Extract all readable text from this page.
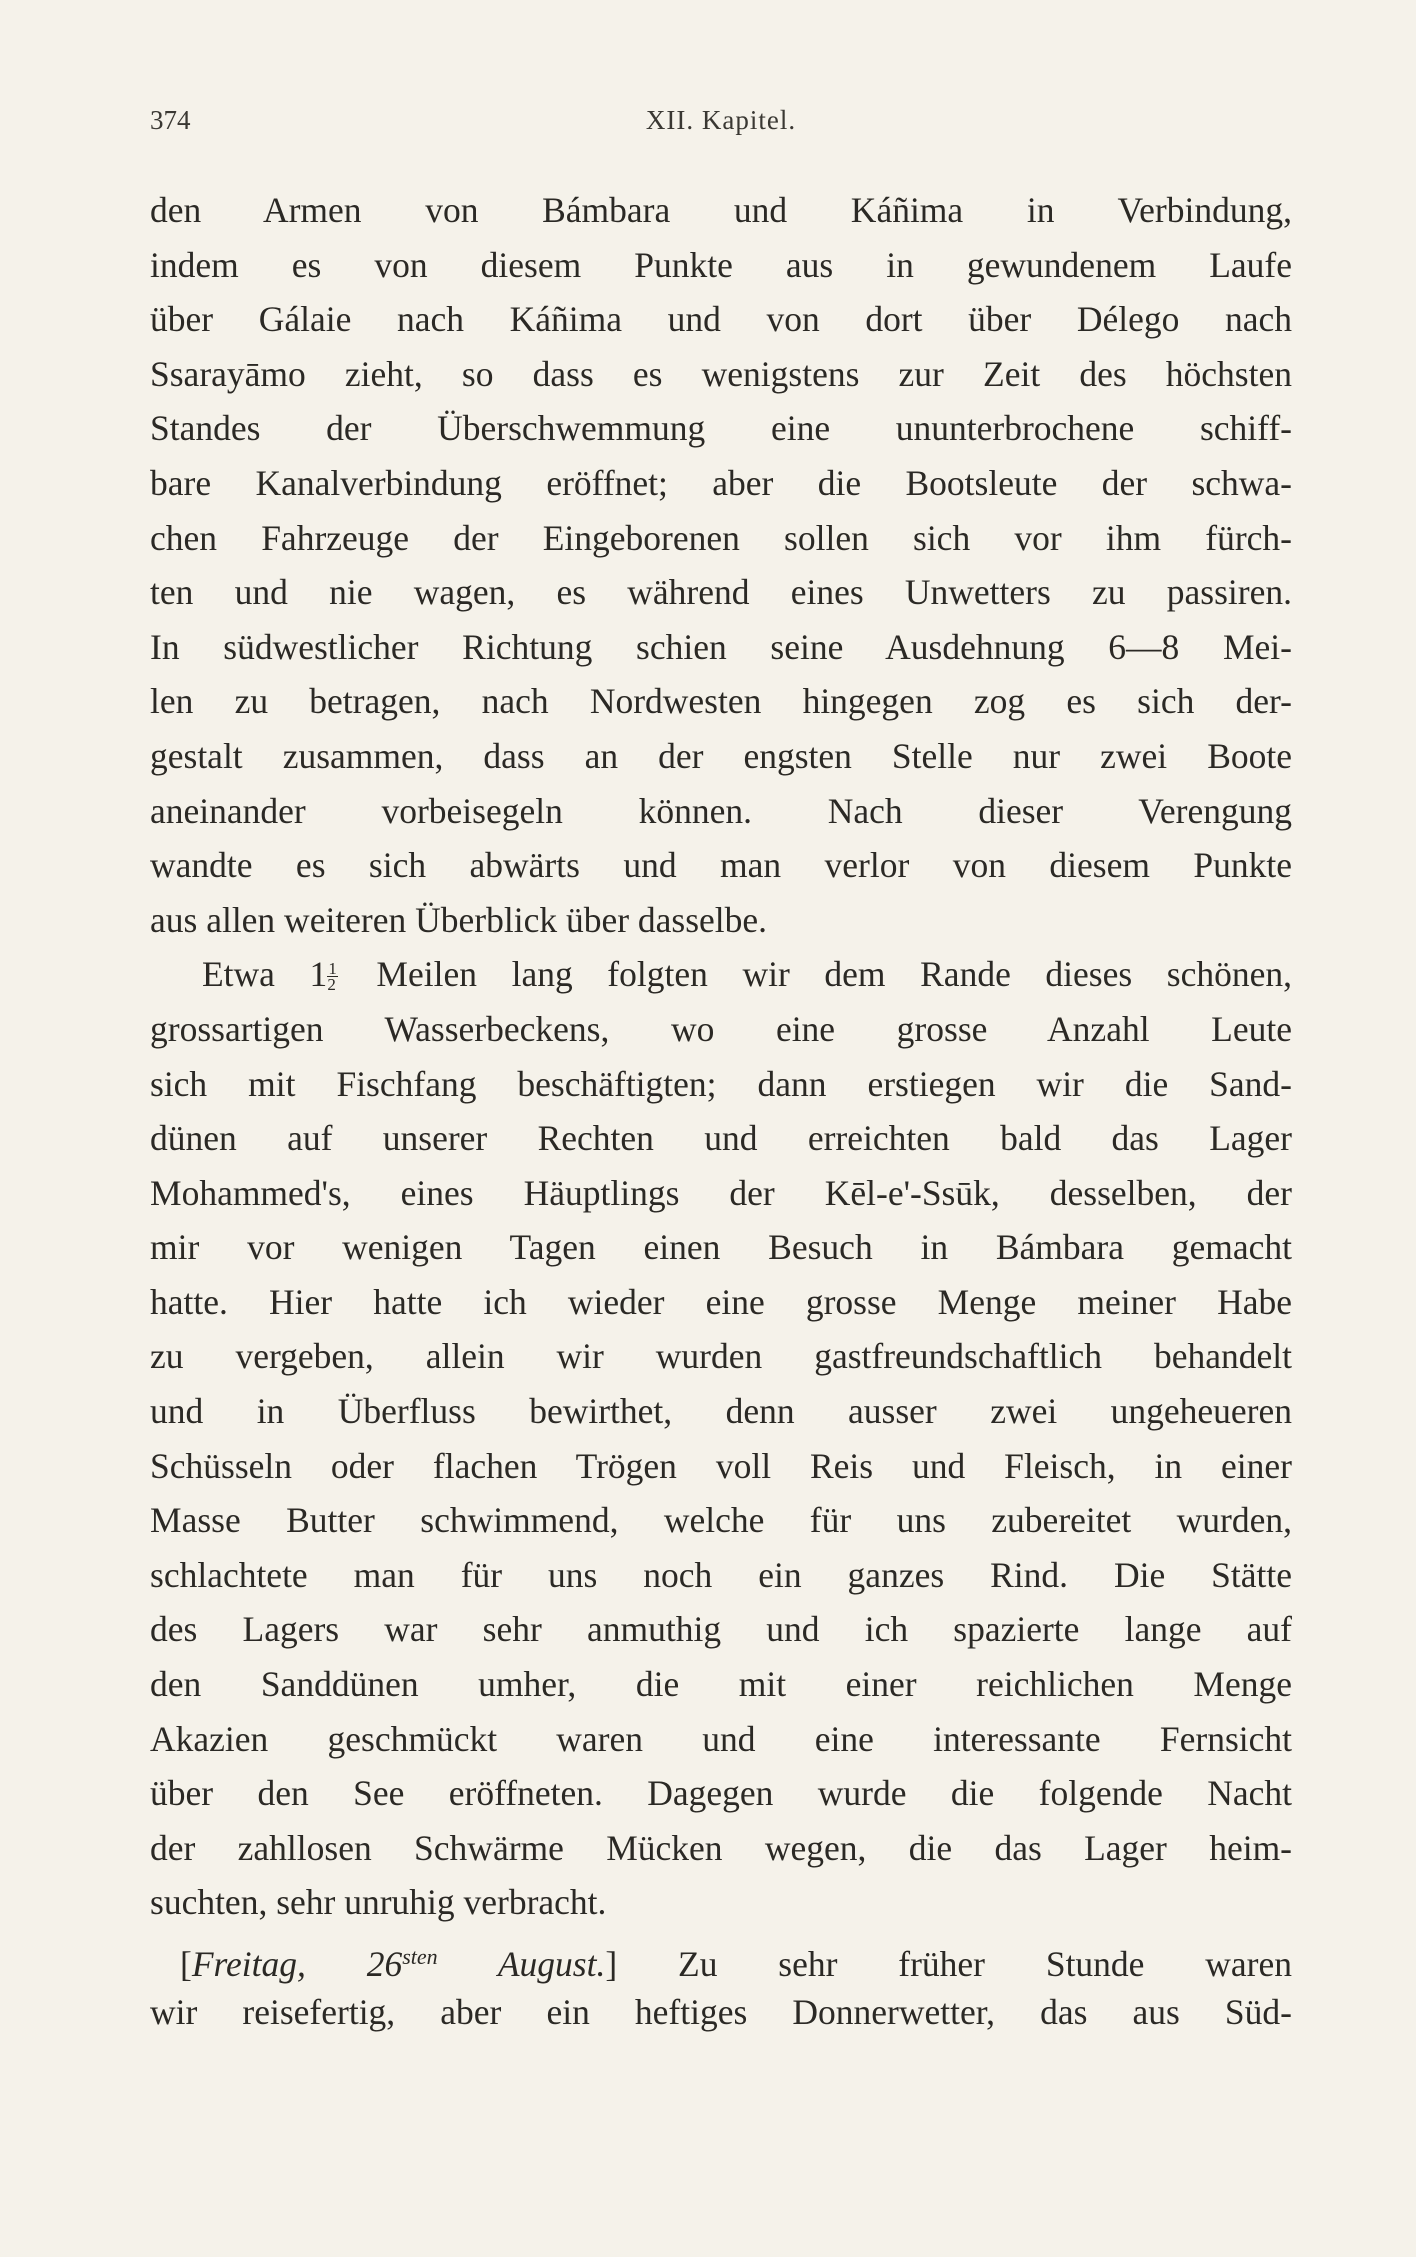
374	XII. Kapitel.
den Armen von Bámbara und Káñima in Verbindung,
indem es von diesem Punkte aus in gewundenem Laufe
über Gálaie nach Káñima und von dort über Délego nach
Ssarayāmo zieht, so dass es wenigstens zur Zeit des höchsten
Standes der Überschwemmung eine ununterbrochene schiff-
bare Kanalverbindung eröffnet; aber die Bootsleute der schwa-
chen Fahrzeuge der Eingeborenen sollen sich vor ihm fürch-
ten und nie wagen, es während eines Unwetters zu passiren.
In südwestlicher Richtung schien seine Ausdehnung 6—8 Mei-
len zu betragen, nach Nordwesten hingegen zog es sich der-
gestalt zusammen, dass an der engsten Stelle nur zwei Boote
aneinander vorbeisegeln können. Nach dieser Verengung
wandte es sich abwärts und man verlor von diesem Punkte
aus allen weiteren Überblick über dasselbe.
Etwa $1 \frac{1}{2}$ Meilen lang folgten wir dem Rande dieses schönen,
grossartigen Wasserbeckens, wo eine grosse Anzahl Leute
sich mit Fischfang beschäftigten; dann erstiegen wir die Sand-
dünen auf unserer Rechten und erreichten bald das Lager
Mohammed's, eines Häuptlings der Kēl-e'-Ssūk, desselben, der
mir vor wenigen Tagen einen Besuch in Bámbara gemacht
hatte. Hier hatte ich wieder eine grosse Menge meiner Habe
zu vergeben, allein wir wurden gastfreundschaftlich behandelt
und in Überfluss bewirthet, denn ausser zwei ungeheueren
Schüsseln oder flachen Trögen voll Reis und Fleisch, in einer
Masse Butter schwimmend, welche für uns zubereitet wurden,
schlachtete man für uns noch ein ganzes Rind. Die Stätte
des Lagers war sehr anmuthig und ich spazierte lange auf
den Sanddünen umher, die mit einer reichlichen Menge
Akazien geschmückt waren und eine interessante Fernsicht
über den See eröffneten. Dagegen wurde die folgende Nacht
der zahllosen Schwärme Mücken wegen, die das Lager heim-
suchten, sehr unruhig verbracht.
[Freitag, $26^{sten}$ August.] Zu sehr früher Stunde waren
wir reisefertig, aber ein heftiges Donnerwetter, das aus Süd-
